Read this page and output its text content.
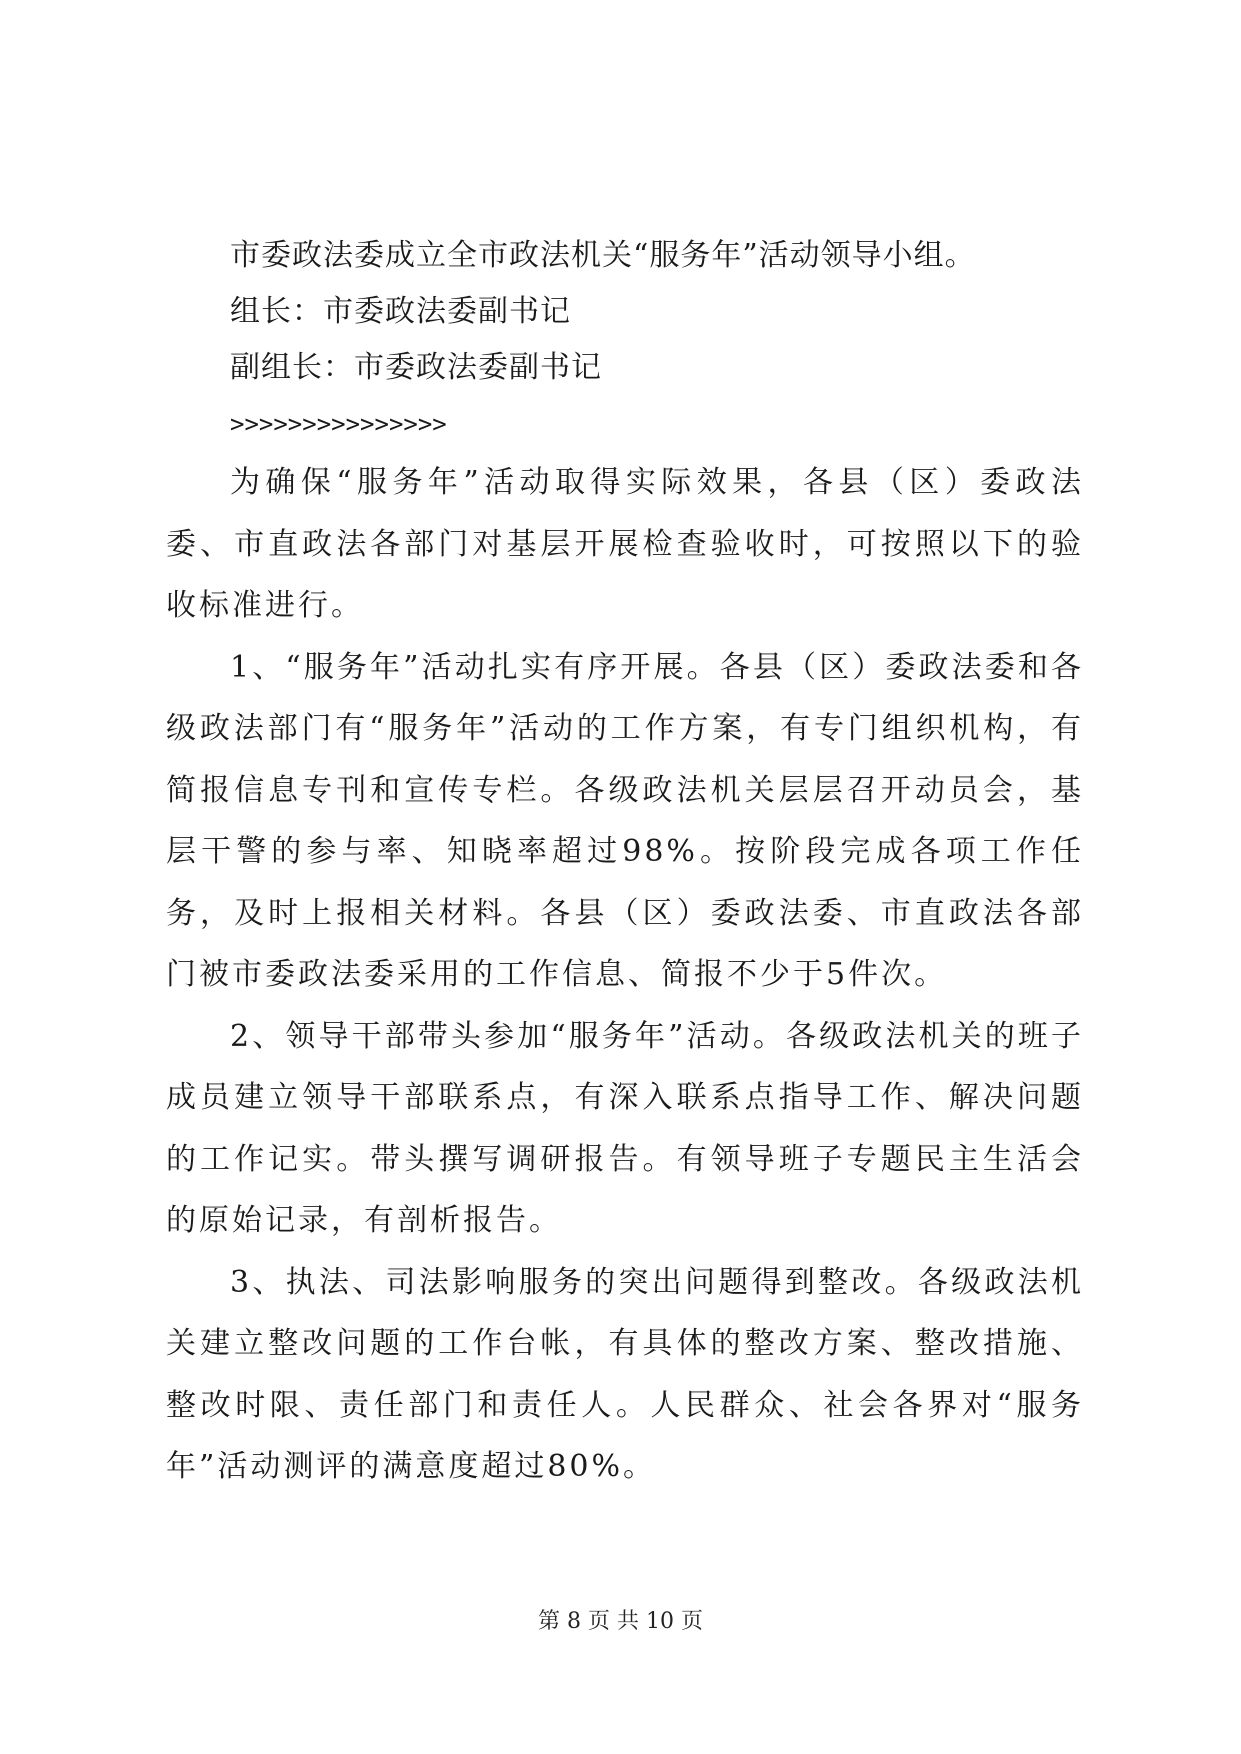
市委政法委成立全市政法机关“服务年”活动领导小组。
组长：市委政法委副书记
副组长：市委政法委副书记
>>>>>>>>>>>>>>>

为确保“服务年”活动取得实际效果，各县（区）委政法委、市直政法各部门对基层开展检查验收时，可按照以下的验收标准进行。

1、“服务年”活动扎实有序开展。各县（区）委政法委和各级政法部门有“服务年”活动的工作方案，有专门组织机构，有简报信息专刊和宣传专栏。各级政法机关层层召开动员会，基层干警的参与率、知晓率超过98%。按阶段完成各项工作任务，及时上报相关材料。各县（区）委政法委、市直政法各部门被市委政法委采用的工作信息、简报不少于5件次。

2、领导干部带头参加“服务年”活动。各级政法机关的班子成员建立领导干部联系点，有深入联系点指导工作、解决问题的工作记实。带头撰写调研报告。有领导班子专题民主生活会的原始记录，有剖析报告。

3、执法、司法影响服务的突出问题得到整改。各级政法机关建立整改问题的工作台帐，有具体的整改方案、整改措施、整改时限、责任部门和责任人。人民群众、社会各界对“服务年”活动测评的满意度超过80%。

第 8 页 共 10 页
